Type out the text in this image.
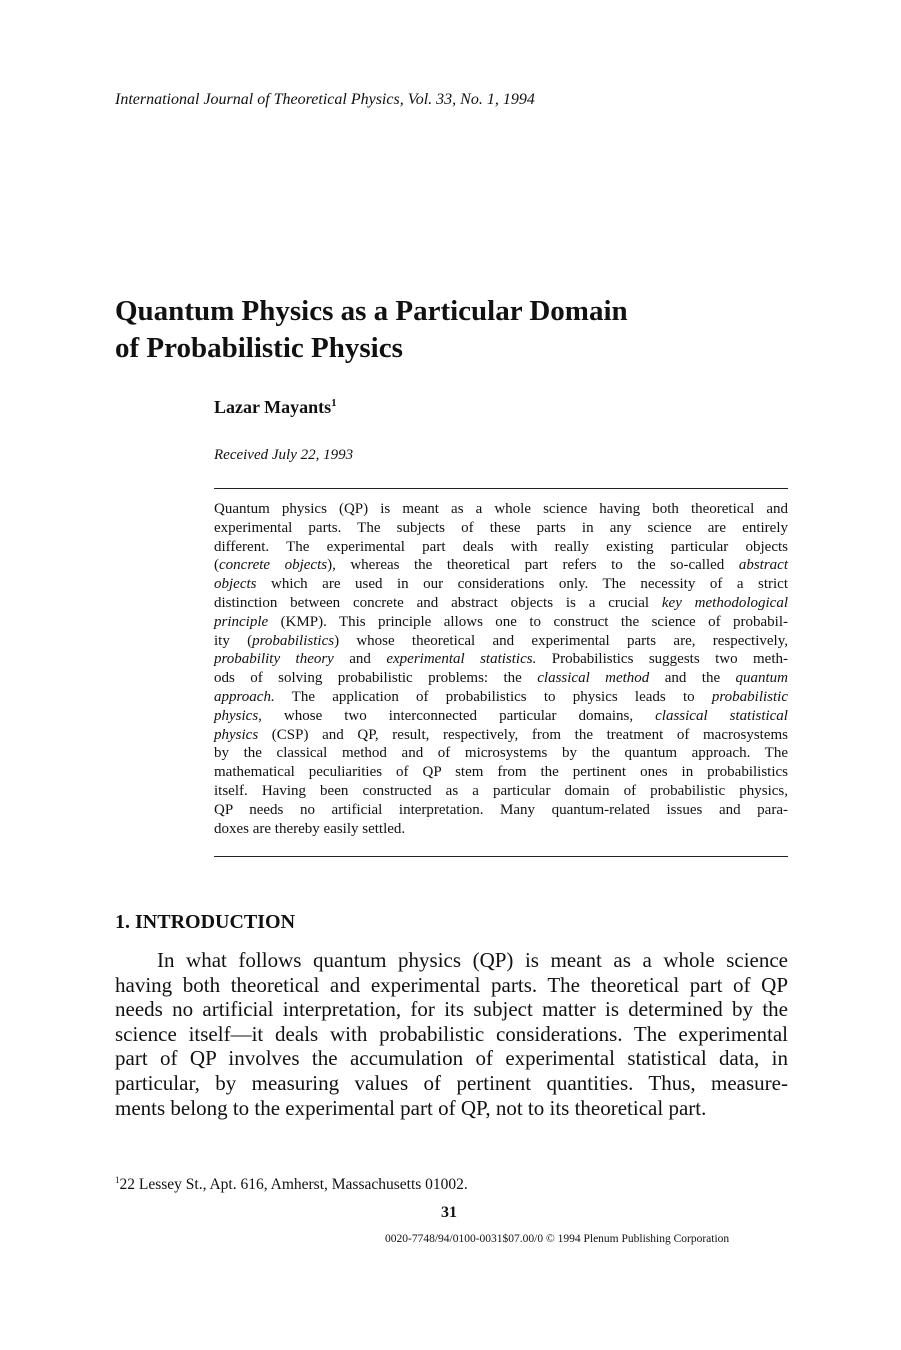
International Journal of Theoretical Physics, Vol. 33, No. 1, 1994
Quantum Physics as a Particular Domain
of Probabilistic Physics
Lazar Mayants$^1$
Received July 22, 1993
Quantum physics (QP) is meant as a whole science having both theoretical and
experimental parts. The subjects of these parts in any science are entirely
different. The experimental part deals with really existing particular objects
(concrete objects), whereas the theoretical part refers to the so-called abstract
objects which are used in our considerations only. The necessity of a strict
distinction between concrete and abstract objects is a crucial key methodological
principle (KMP). This principle allows one to construct the science of probabil-
ity (probabilistics) whose theoretical and experimental parts are, respectively,
probability theory and experimental statistics. Probabilistics suggests two meth-
ods of solving probabilistic problems: the classical method and the quantum
approach. The application of probabilistics to physics leads to probabilistic
physics, whose two interconnected particular domains, classical statistical
physics (CSP) and QP, result, respectively, from the treatment of macrosystems
by the classical method and of microsystems by the quantum approach. The
mathematical peculiarities of QP stem from the pertinent ones in probabilistics
itself. Having been constructed as a particular domain of probabilistic physics,
QP needs no artificial interpretation. Many quantum-related issues and para-
doxes are thereby easily settled.
1. INTRODUCTION
In what follows quantum physics (QP) is meant as a whole science
having both theoretical and experimental parts. The theoretical part of QP
needs no artificial interpretation, for its subject matter is determined by the
science itself—it deals with probabilistic considerations. The experimental
part of QP involves the accumulation of experimental statistical data, in
particular, by measuring values of pertinent quantities. Thus, measure-
ments belong to the experimental part of QP, not to its theoretical part.
$^1$22 Lessey St., Apt. 616, Amherst, Massachusetts 01002.
31
0020-7748/94/0100-0031$07.00/0 © 1994 Plenum Publishing Corporation
